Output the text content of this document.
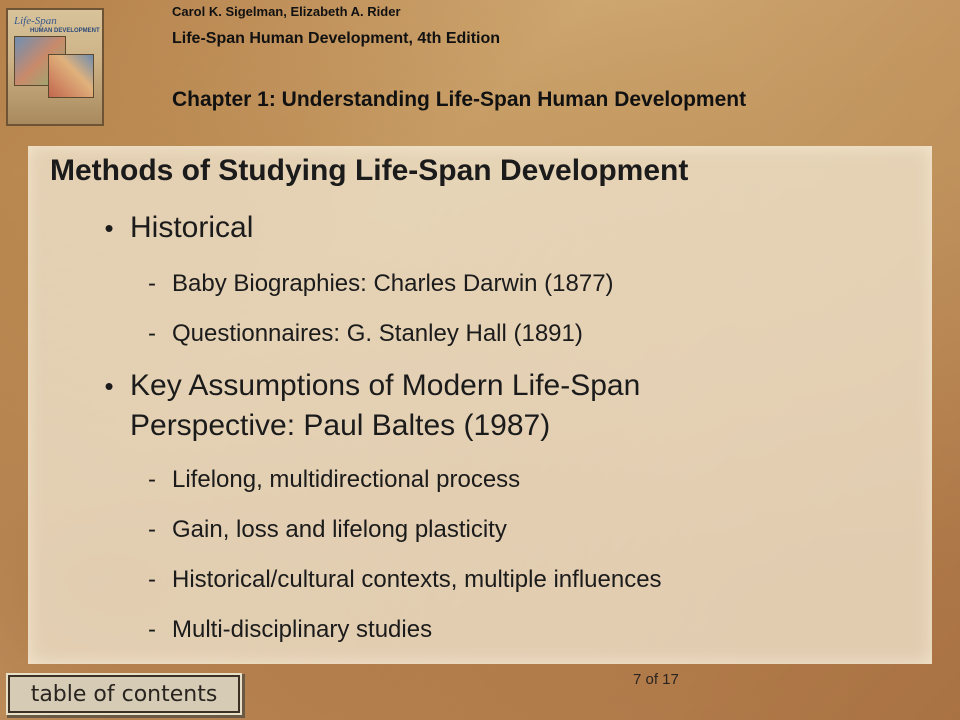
Life-Span
HUMAN DEVELOPMENT
Carol K. Sigelman, Elizabeth A. Rider
Life-Span Human Development, 4th Edition
Chapter 1: Understanding Life-Span Human Development
Methods of Studying Life-Span Development
• Historical
- Baby Biographies: Charles Darwin (1877)
- Questionnaires: G. Stanley Hall (1891)
• Key Assumptions of Modern Life-Span Perspective: Paul Baltes (1987)
- Lifelong, multidirectional process
- Gain, loss and lifelong plasticity
- Historical/cultural contexts, multiple influences
- Multi-disciplinary studies
table of contents
7 of 17
